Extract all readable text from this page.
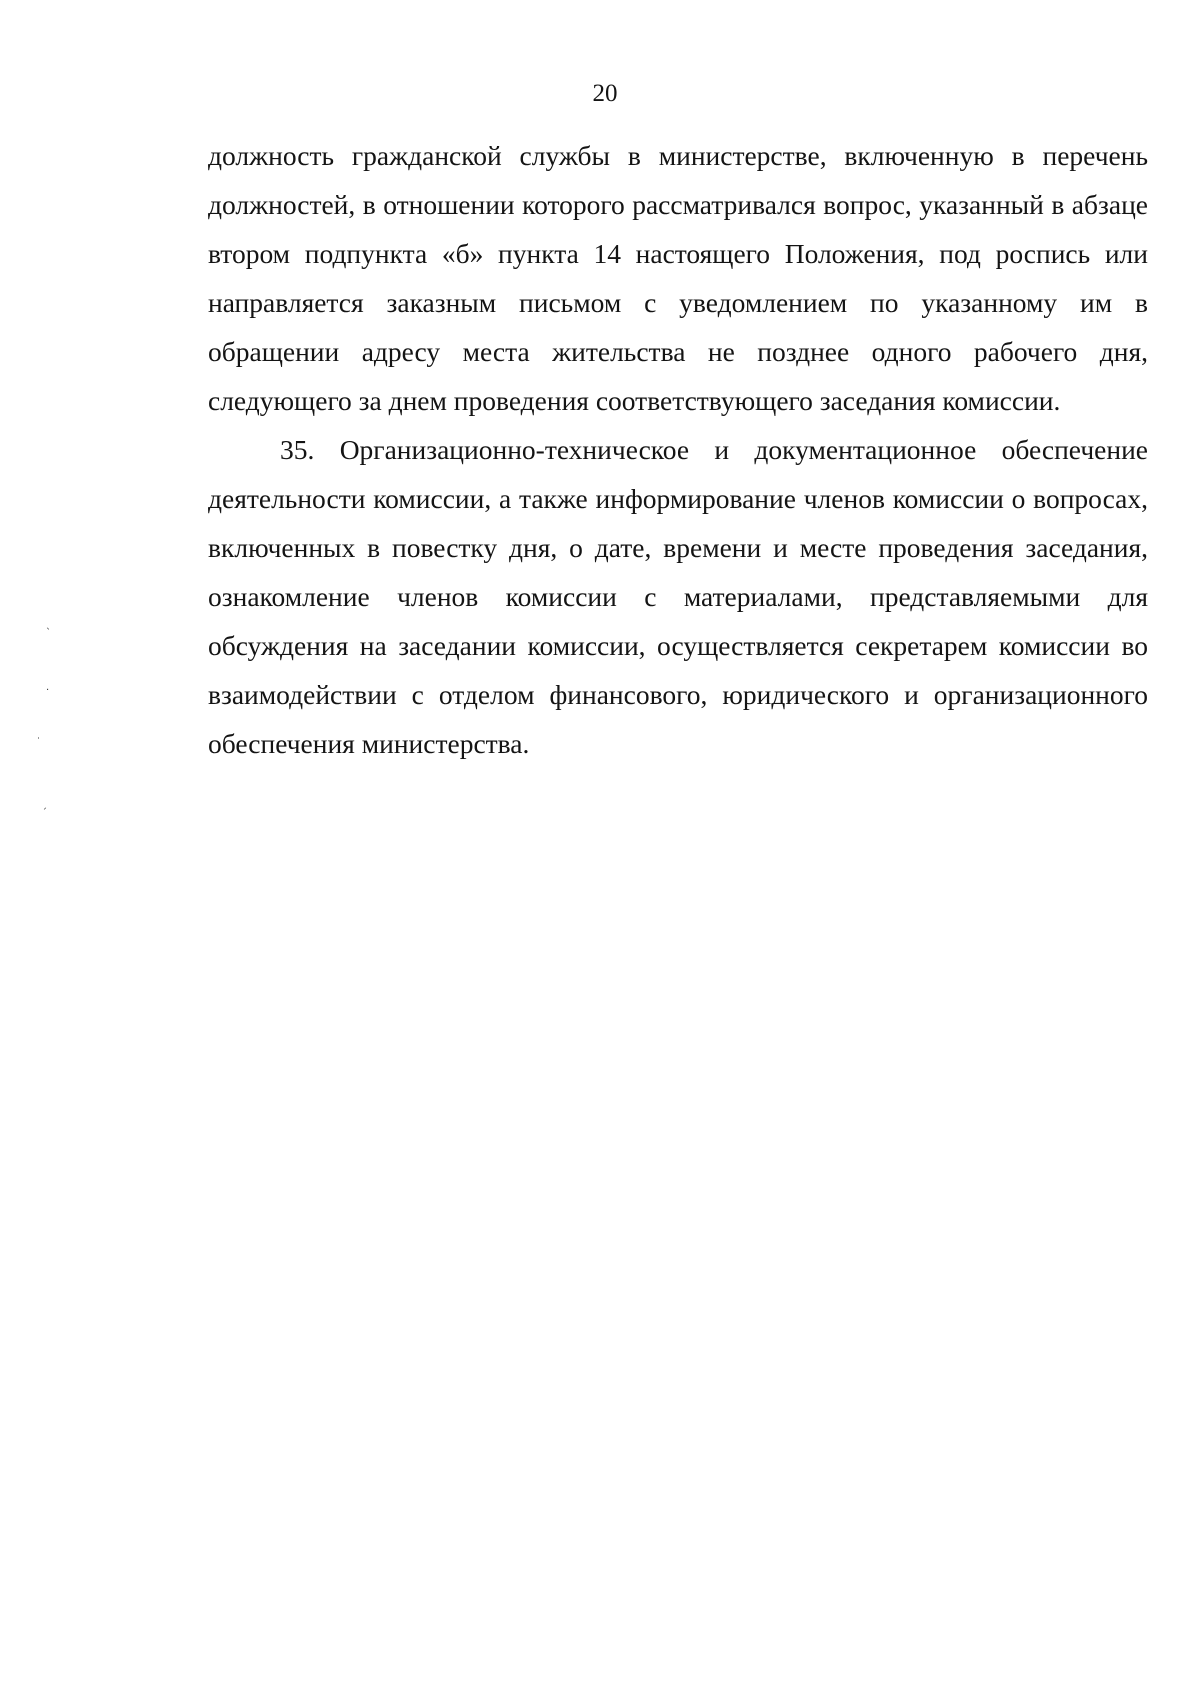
20

должность гражданской службы в министерстве, включенную в перечень должностей, в отношении которого рассматривался вопрос, указанный в абзаце втором подпункта «б» пункта 14 настоящего Положения, под роспись или направляется заказным письмом с уведомлением по указанному им в обращении адресу места жительства не позднее одного рабочего дня, следующего за днем проведения соответствующего заседания комиссии.

35. Организационно-техническое и документационное обеспечение деятельности комиссии, а также информирование членов комиссии о вопросах, включенных в повестку дня, о дате, времени и месте проведения заседания, ознакомление членов комиссии с материалами, представляемыми для обсуждения на заседании комиссии, осуществляется секретарем комиссии во взаимодействии с отделом финансового, юридического и организационного обеспечения министерства.

ˎ
·
˙
ˏ
